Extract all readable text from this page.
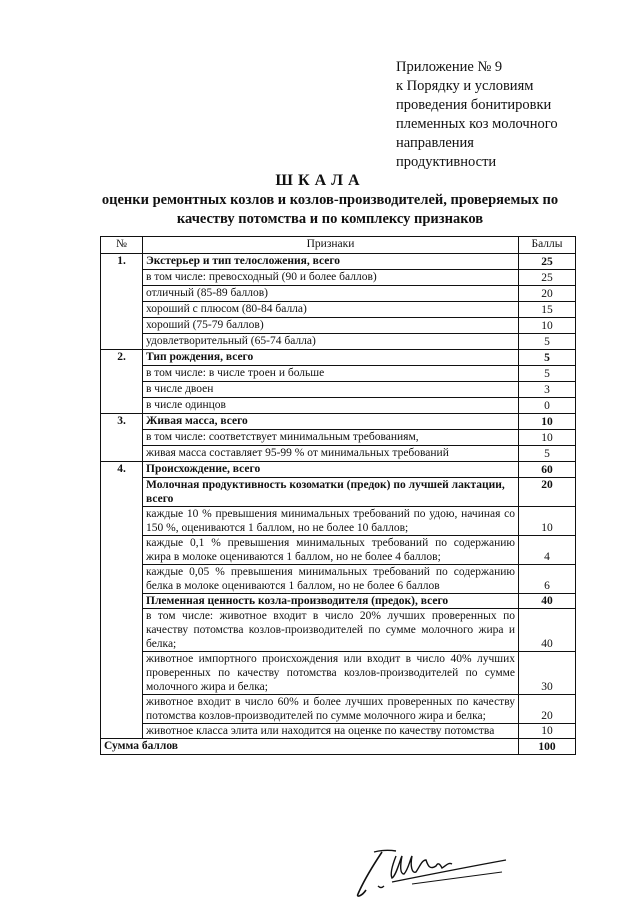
Приложение № 9
к Порядку и условиям
проведения бонитировки
племенных коз молочного
направления
продуктивности
ШКАЛА
оценки ремонтных козлов и козлов-производителей, проверяемых по
качеству потомства и по комплексу признаков
№	Признаки	Баллы
1.	Экстерьер и тип телосложения, всего	25
	в том числе: превосходный (90 и более баллов)	25
	отличный (85-89 баллов)	20
	хороший с плюсом (80-84 балла)	15
	хороший (75-79 баллов)	10
	удовлетворительный (65-74 балла)	5
2.	Тип рождения, всего	5
	в том числе: в числе троен и больше	5
	в числе двоен	3
	в числе одинцов	0
3.	Живая масса, всего	10
	в том числе: соответствует минимальным требованиям,	10
	живая масса составляет 95-99 % от минимальных требований	5
4.	Происхождение, всего	60
	Молочная продуктивность козоматки (предок) по лучшей лактации, всего	20
	каждые 10 % превышения минимальных требований по удою, начиная со 150 %, оцениваются 1 баллом, но не более 10 баллов;	10
	каждые 0,1 % превышения минимальных требований по содержанию жира в молоке оцениваются 1 баллом, но не более 4 баллов;	4
	каждые 0,05 % превышения минимальных требований по содержанию белка в молоке оцениваются 1 баллом, но не более 6 баллов	6
	Племенная ценность козла-производителя (предок), всего	40
	в том числе: животное входит в число 20% лучших проверенных по качеству потомства козлов-производителей по сумме молочного жира и белка;	40
	животное импортного происхождения или входит в число 40% лучших проверенных по качеству потомства козлов-производителей по сумме молочного жира и белка;	30
	животное входит в число 60% и более лучших проверенных по качеству потомства козлов-производителей по сумме молочного жира и белка;	20
	животное класса элита или находится на оценке по качеству потомства	10
Сумма баллов		100
